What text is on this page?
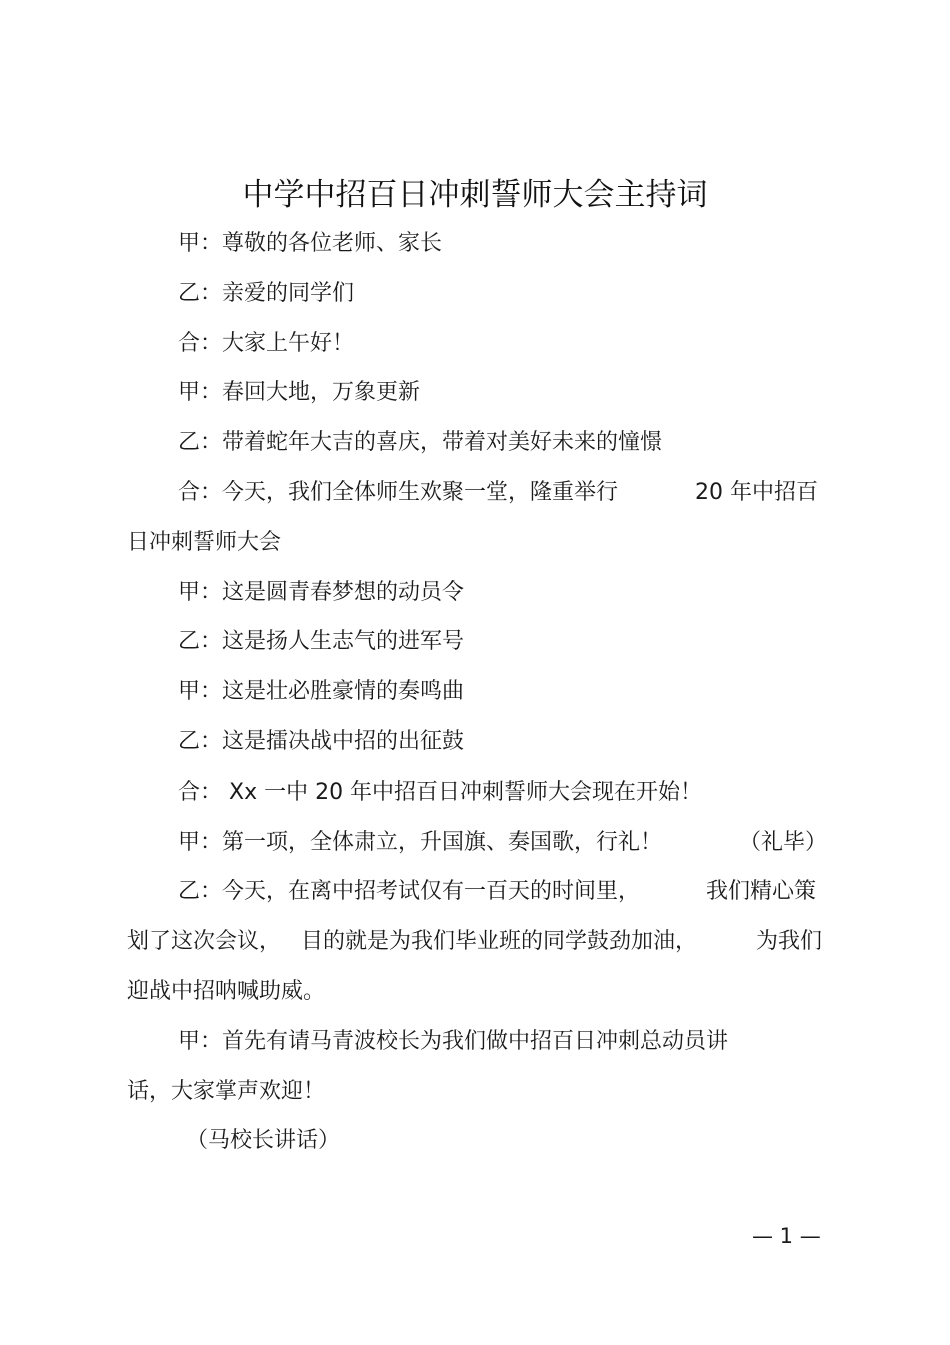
中学中招百日冲刺誓师大会主持词
甲：尊敬的各位老师、家长
乙：亲爱的同学们
合：大家上午好！
甲：春回大地，万象更新
乙：带着蛇年大吉的喜庆，带着对美好未来的憧憬
合：今天，我们全体师生欢聚一堂，隆重举行	20 年中招百
日冲刺誓师大会
甲：这是圆青春梦想的动员令
乙：这是扬人生志气的进军号
甲：这是壮必胜豪情的奏鸣曲
乙：这是擂决战中招的出征鼓
合： Xx 一中 20 年中招百日冲刺誓师大会现在开始！
甲：第一项，全体肃立，升国旗、奏国歌，行礼！	（礼毕）
乙：今天，在离中招考试仅有一百天的时间里，	我们精心策
划了这次会议， 目的就是为我们毕业班的同学鼓劲加油，	为我们
迎战中招呐喊助威。
甲：首先有请马青波校长为我们做中招百日冲刺总动员讲
话，大家掌声欢迎！
（马校长讲话）
— 1 —
